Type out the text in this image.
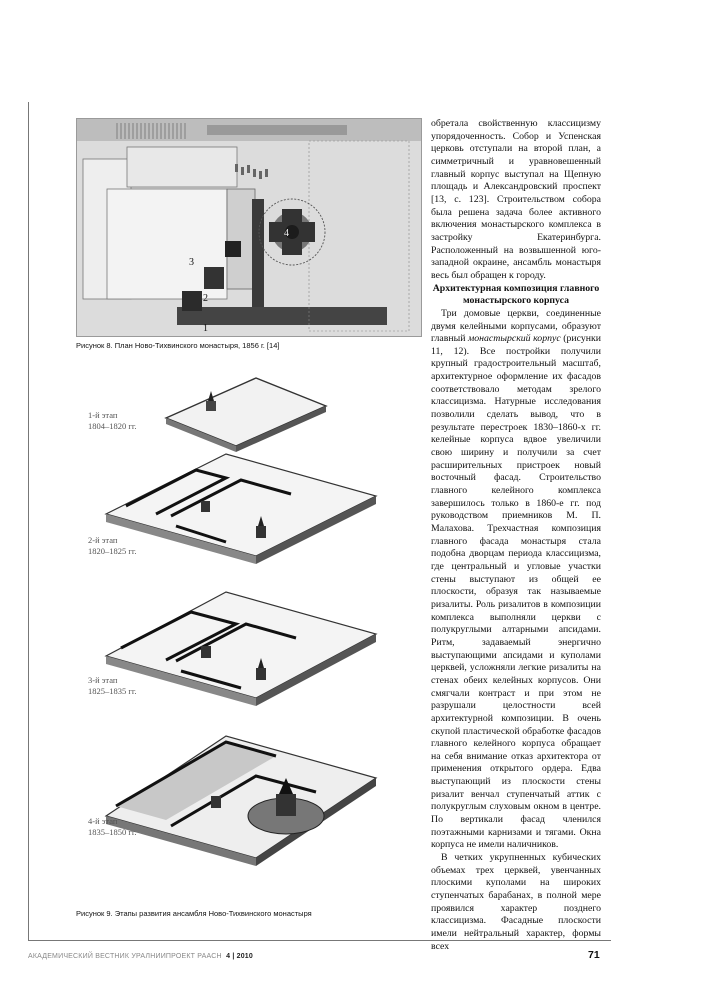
1
2
3
4
Рисунок 8. План Ново-Тихвинского монастыря, 1856 г. [14]
1-й этап
1804–1820 гг.
2-й этап
1820–1825 гг.
3-й этап
1825–1835 гг.
4-й этап
1835–1850 гг.
Рисунок 9. Этапы развития ансамбля Ново-Тихвинского монастыря

обретала свойственную классицизму упорядоченность. Собор и Успенская церковь отступали на второй план, а симметричный и уравновешенный главный корпус выступал на Щепную площадь и Александровский проспект [13, с. 123]. Строительством собора была решена задача более активного включения монастырского комплекса в застройку Екатеринбурга. Расположенный на возвышенной юго-западной окраине, ансамбль монастыря весь был обращен к городу.

Архитектурная композиция главного монастырского корпуса

Три домовые церкви, соединенные двумя келейными корпусами, образуют главный монастырский корпус (рисунки 11, 12). Все постройки получили крупный градостроительный масштаб, архитектурное оформление их фасадов соответствовало методам зрелого классицизма. Натурные исследования позволили сделать вывод, что в результате перестроек 1830–1860-х гг. келейные корпуса вдвое увеличили свою ширину и получили за счет расширительных пристроек новый восточный фасад. Строительство главного келейного комплекса завершилось только в 1860-е гг. под руководством приемников М. П. Малахова. Трехчастная композиция главного фасада монастыря стала подобна дворцам периода классицизма, где центральный и угловые участки стены выступают из общей ее плоскости, образуя так называемые ризалиты. Роль ризалитов в композиции комплекса выполняли церкви с полукруглыми алтарными апсидами. Ритм, задаваемый энергично выступающими апсидами и куполами церквей, усложняли легкие ризалиты на стенах обеих келейных корпусов. Они смягчали контраст и при этом не разрушали целостности всей архитектурной композиции. В очень скупой пластической обработке фасадов главного келейного корпуса обращает на себя внимание отказ архитектора от применения открытого ордера. Едва выступающий из плоскости стены ризалит венчал ступенчатый аттик с полукруглым слуховым окном в центре. По вертикали фасад членился поэтажными карнизами и тягами. Окна корпуса не имели наличников.

В четких укрупненных кубических объемах трех церквей, увенчанных плоскими куполами на широких ступенчатых барабанах, в полной мере проявился характер позднего классицизма. Фасадные плоскости имели нейтральный характер, формы всех

АКАДЕМИЧЕСКИЙ ВЕСТНИК УРАЛНИИПРОЕКТ РААСН 4 | 2010	71
